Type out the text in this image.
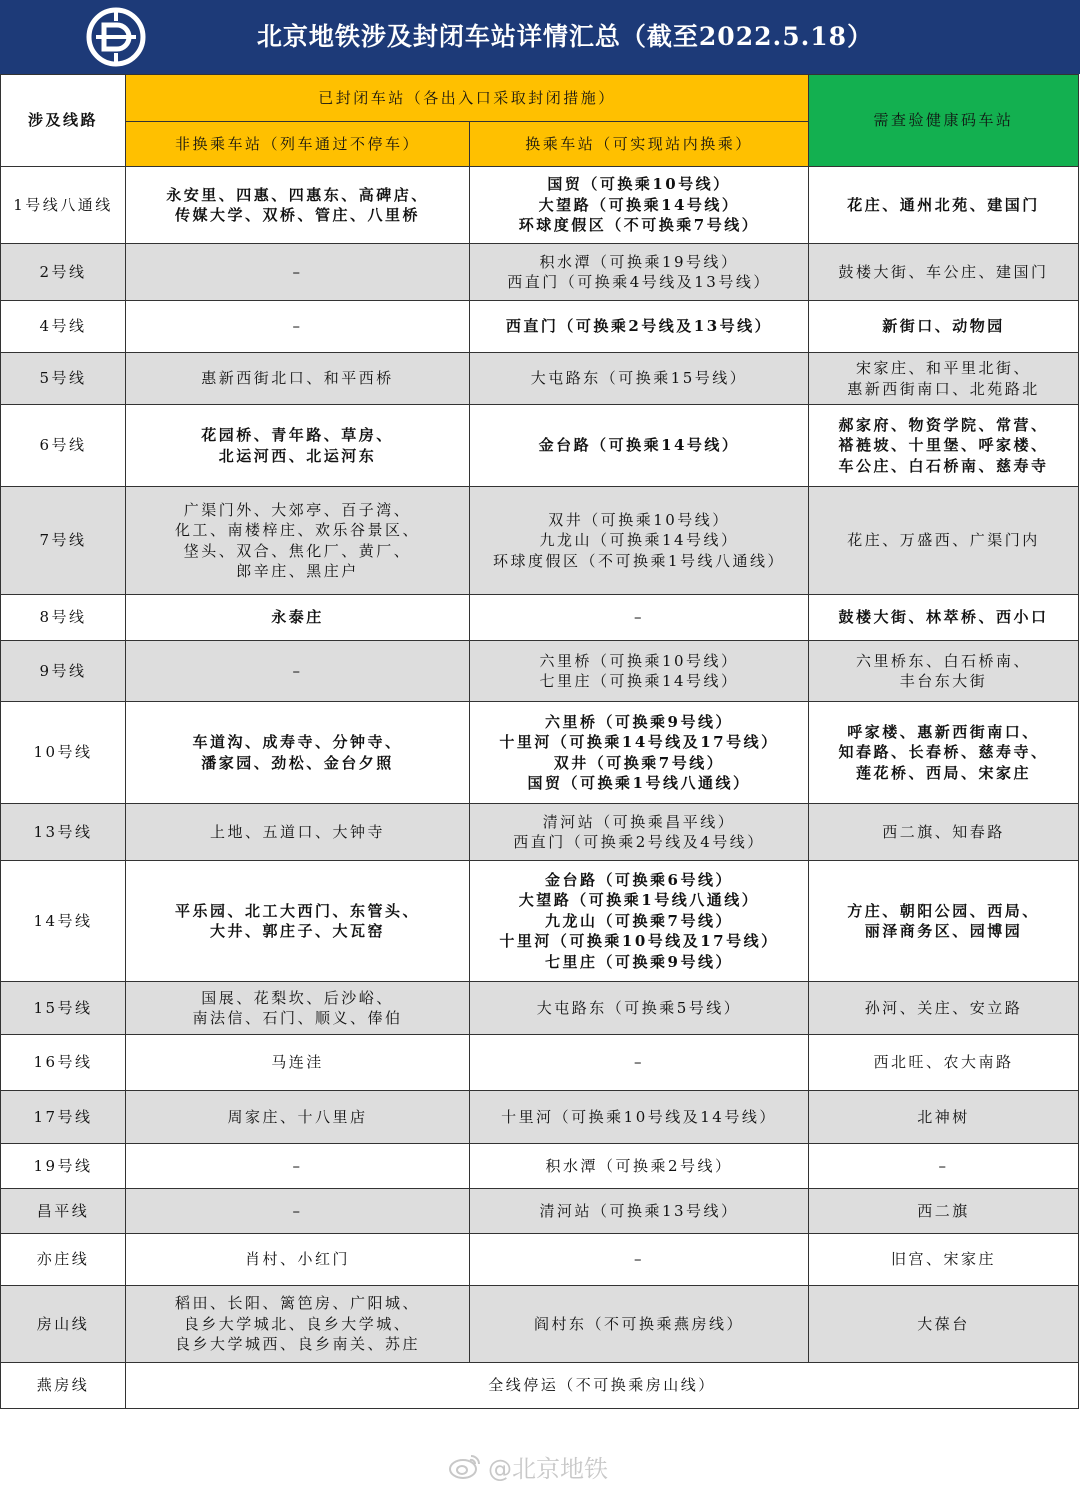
北京地铁涉及封闭车站详情汇总（截至2022.5.18）
涉及线路	已封闭车站（各出入口采取封闭措施）		需查验健康码车站
	非换乘车站（列车通过不停车）	换乘车站（可实现站内换乘）	
1号线八通线	永安里、四惠、四惠东、高碑店、
传媒大学、双桥、管庄、八里桥	国贸（可换乘10号线）
大望路（可换乘14号线）
环球度假区（不可换乘7号线）	花庄、通州北苑、建国门

2号线	–	积水潭（可换乘19号线）
西直门（可换乘4号线及13号线）	鼓楼大街、车公庄、建国门

4号线	–	西直门（可换乘2号线及13号线）	新街口、动物园

5号线	惠新西街北口、和平西桥	大屯路东（可换乘15号线）	宋家庄、和平里北街、
惠新西街南口、北苑路北

6号线	花园桥、青年路、草房、
北运河西、北运河东	金台路（可换乘14号线）	郝家府、物资学院、常营、
褡裢坡、十里堡、呼家楼、
车公庄、白石桥南、慈寿寺

7号线	广渠门外、大郊亭、百子湾、
化工、南楼梓庄、欢乐谷景区、
垡头、双合、焦化厂、黄厂、
郎辛庄、黑庄户	双井（可换乘10号线）
九龙山（可换乘14号线）
环球度假区（不可换乘1号线八通线）	花庄、万盛西、广渠门内

8号线	永泰庄	–	鼓楼大街、林萃桥、西小口

9号线	–	六里桥（可换乘10号线）
七里庄（可换乘14号线）	六里桥东、白石桥南、
丰台东大街

10号线	车道沟、成寿寺、分钟寺、
潘家园、劲松、金台夕照	六里桥（可换乘9号线）
十里河（可换乘14号线及17号线）
双井（可换乘7号线）
国贸（可换乘1号线八通线）	呼家楼、惠新西街南口、
知春路、长春桥、慈寿寺、
莲花桥、西局、宋家庄

13号线	上地、五道口、大钟寺	清河站（可换乘昌平线）
西直门（可换乘2号线及4号线）	西二旗、知春路

14号线	平乐园、北工大西门、东管头、
大井、郭庄子、大瓦窑	金台路（可换乘6号线）
大望路（可换乘1号线八通线）
九龙山（可换乘7号线）
十里河（可换乘10号线及17号线）
七里庄（可换乘9号线）	方庄、朝阳公园、西局、
丽泽商务区、园博园

15号线	国展、花梨坎、后沙峪、
南法信、石门、顺义、俸伯	大屯路东（可换乘5号线）	孙河、关庄、安立路

16号线	马连洼	–	西北旺、农大南路

17号线	周家庄、十八里店	十里河（可换乘10号线及14号线）	北神树

19号线	–	积水潭（可换乘2号线）	–

昌平线	–	清河站（可换乘13号线）	西二旗

亦庄线	肖村、小红门	–	旧宫、宋家庄

房山线	稻田、长阳、篱笆房、广阳城、
良乡大学城北、良乡大学城、
良乡大学城西、良乡南关、苏庄	阎村东（不可换乘燕房线）	大葆台

燕房线	全线停运（不可换乘房山线）		
@北京地铁
